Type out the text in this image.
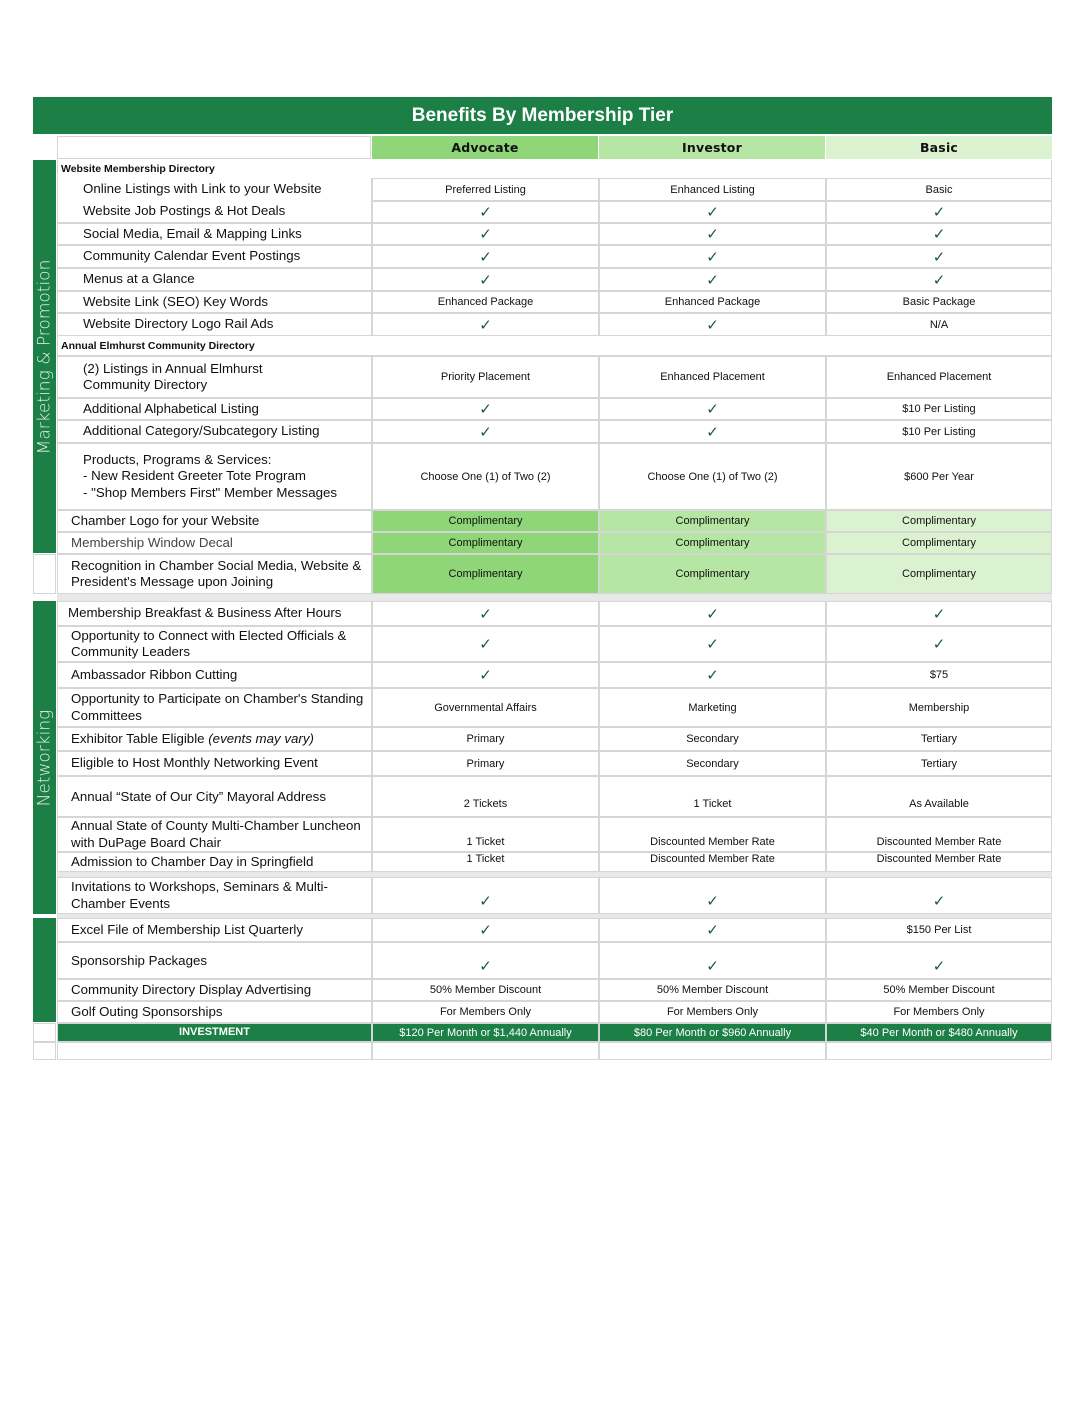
Benefits By Membership Tier
Advocate	Investor	Basic
Marketing & Promotion
Networking
Website Membership Directory
Online Listings with Link to your Website	Preferred Listing	Enhanced Listing	Basic
Website Job Postings & Hot Deals	✓	✓	✓
Social Media, Email & Mapping Links	✓	✓	✓
Community Calendar Event Postings	✓	✓	✓
Menus at a Glance	✓	✓	✓
Website Link (SEO) Key Words	Enhanced Package	Enhanced Package	Basic Package
Website Directory Logo Rail Ads	✓	✓	N/A
Annual Elmhurst Community Directory
(2) Listings in Annual Elmhurst
Community Directory	Priority Placement	Enhanced Placement	Enhanced Placement
Additional Alphabetical Listing	✓	✓	$10 Per Listing
Additional Category/Subcategory Listing	✓	✓	$10 Per Listing
Products, Programs & Services:
- New Resident Greeter Tote Program
- "Shop Members First" Member Messages
Choose One (1) of Two (2)	Choose One (1) of Two (2)	$600 Per Year
Chamber Logo for your Website	Complimentary	Complimentary	Complimentary
Membership Window Decal	Complimentary	Complimentary	Complimentary
Recognition in Chamber Social Media, Website &
President's Message upon Joining	Complimentary	Complimentary	Complimentary
Membership Breakfast & Business After Hours	✓	✓	✓
Opportunity to Connect with Elected Officials &
Community Leaders	✓	✓	✓
Ambassador Ribbon Cutting	✓	✓	$75
Opportunity to Participate on Chamber's Standing
Committees	Governmental Affairs	Marketing	Membership
Exhibitor Table Eligible
(events may vary)	Primary	Secondary	Tertiary
Eligible to Host Monthly Networking Event	Primary	Secondary	Tertiary
Annual “State of Our City” Mayoral Address	2 Tickets	1 Ticket	As Available
Annual State of County Multi-Chamber Luncheon
with DuPage Board Chair	1 Ticket	Discounted Member Rate	Discounted Member Rate
Admission to Chamber Day in Springfield	1 Ticket	Discounted Member Rate	Discounted Member Rate
Invitations to Workshops, Seminars & Multi-
Chamber Events	✓	✓	✓
Excel File of Membership List Quarterly	✓	✓	$150 Per List
Sponsorship Packages	✓	✓	✓
Community Directory Display Advertising	50% Member Discount	50% Member Discount	50% Member Discount
Golf Outing Sponsorships	For Members Only	For Members Only	For Members Only
INVESTMENT	$120 Per Month or $1,440 Annually	$80 Per Month or $960 Annually	$40 Per Month or $480 Annually
